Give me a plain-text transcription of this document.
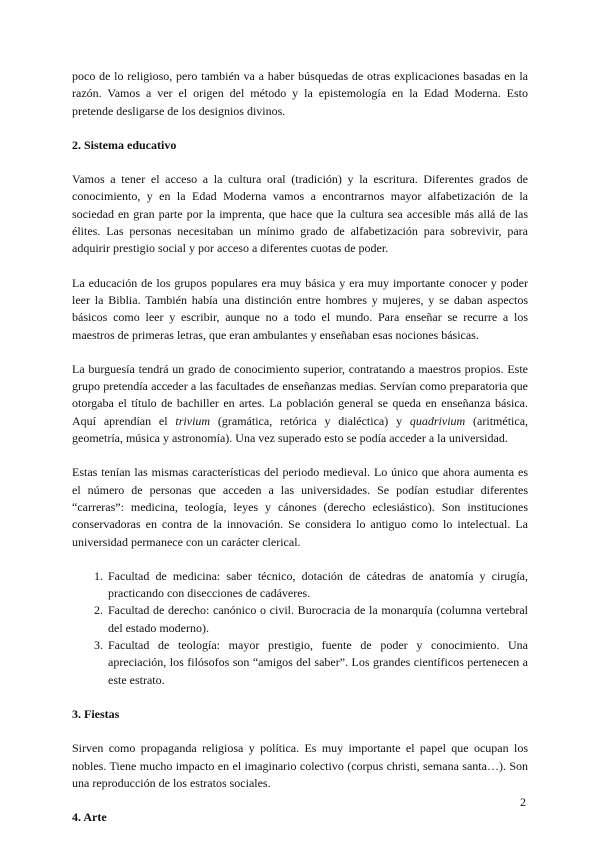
poco de lo religioso, pero también va a haber búsquedas de otras explicaciones basadas en la razón. Vamos a ver el origen del método y la epistemología en la Edad Moderna. Esto pretende desligarse de los designios divinos.

2. Sistema educativo

Vamos a tener el acceso a la cultura oral (tradición) y la escritura. Diferentes grados de conocimiento, y en la Edad Moderna vamos a encontrarnos mayor alfabetización de la sociedad en gran parte por la imprenta, que hace que la cultura sea accesible más allá de las élites. Las personas necesitaban un mínimo grado de alfabetización para sobrevivir, para adquirir prestigio social y por acceso a diferentes cuotas de poder.

La educación de los grupos populares era muy básica y era muy importante conocer y poder leer la Biblia. También había una distinción entre hombres y mujeres, y se daban aspectos básicos como leer y escribir, aunque no a todo el mundo. Para enseñar se recurre a los maestros de primeras letras, que eran ambulantes y enseñaban esas nociones básicas.

La burguesía tendrá un grado de conocimiento superior, contratando a maestros propios. Este grupo pretendía acceder a las facultades de enseñanzas medias. Servían como preparatoria que otorgaba el título de bachiller en artes. La población general se queda en enseñanza básica. Aquí aprendían el trivium (gramática, retórica y dialéctica) y quadrivium (aritmética, geometría, música y astronomía). Una vez superado esto se podía acceder a la universidad.

Estas tenían las mismas características del periodo medieval. Lo único que ahora aumenta es el número de personas que acceden a las universidades. Se podían estudiar diferentes “carreras”: medicina, teología, leyes y cánones (derecho eclesiástico). Son instituciones conservadoras en contra de la innovación. Se considera lo antiguo como lo intelectual. La universidad permanece con un carácter clerical.

1. Facultad de medicina: saber técnico, dotación de cátedras de anatomía y cirugía, practicando con disecciones de cadáveres.
2. Facultad de derecho: canónico o civil. Burocracia de la monarquía (columna vertebral del estado moderno).
3. Facultad de teología: mayor prestigio, fuente de poder y conocimiento. Una apreciación, los filósofos son “amigos del saber”. Los grandes científicos pertenecen a este estrato.
3. Fiestas

Sirven como propaganda religiosa y política. Es muy importante el papel que ocupan los nobles. Tiene mucho impacto en el imaginario colectivo (corpus christi, semana santa…). Son una reproducción de los estratos sociales.

4. Arte
2
